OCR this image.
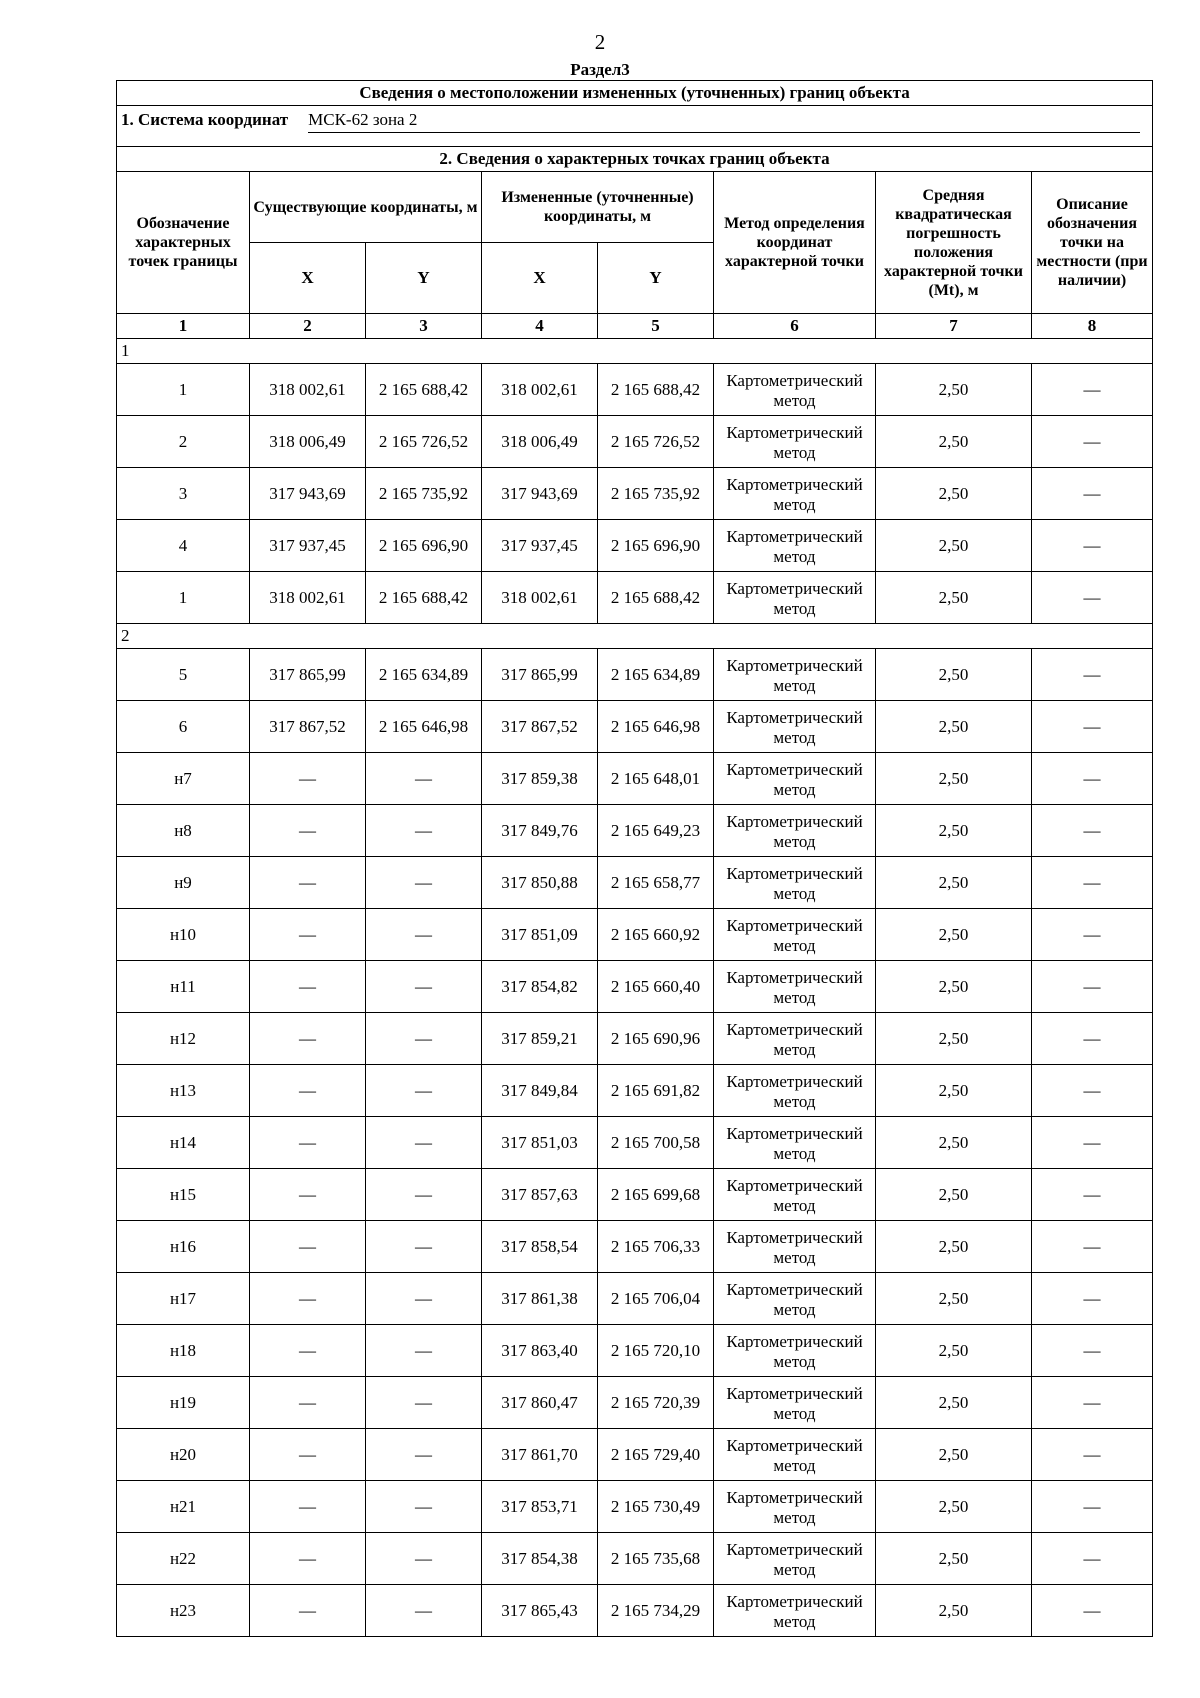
2
Раздел3
Сведения о местоположении измененных (уточненных) границ объекта							

1. Система координат МСК-62 зона 2							

2. Сведения о характерных точках границ объекта							
Обозначение характерных точек границы	Существующие координаты, м		Измененные (уточненные) координаты, м		Метод определения координат характерной точки	Средняя квадратическая погрешность положения характерной точки (Mt), м	Описание обозначения точки на местности (при наличии)
	X	Y	X	Y			
1	2	3	4	5	6	7	8
1							
1	318 002,61	2 165 688,42	318 002,61	2 165 688,42	Картометрический метод	2,50	—
2	318 006,49	2 165 726,52	318 006,49	2 165 726,52	Картометрический метод	2,50	—
3	317 943,69	2 165 735,92	317 943,69	2 165 735,92	Картометрический метод	2,50	—
4	317 937,45	2 165 696,90	317 937,45	2 165 696,90	Картометрический метод	2,50	—
1	318 002,61	2 165 688,42	318 002,61	2 165 688,42	Картометрический метод	2,50	—
2							
5	317 865,99	2 165 634,89	317 865,99	2 165 634,89	Картометрический метод	2,50	—
6	317 867,52	2 165 646,98	317 867,52	2 165 646,98	Картометрический метод	2,50	—
н7	—	—	317 859,38	2 165 648,01	Картометрический метод	2,50	—
н8	—	—	317 849,76	2 165 649,23	Картометрический метод	2,50	—
н9	—	—	317 850,88	2 165 658,77	Картометрический метод	2,50	—
н10	—	—	317 851,09	2 165 660,92	Картометрический метод	2,50	—
н11	—	—	317 854,82	2 165 660,40	Картометрический метод	2,50	—
н12	—	—	317 859,21	2 165 690,96	Картометрический метод	2,50	—
н13	—	—	317 849,84	2 165 691,82	Картометрический метод	2,50	—
н14	—	—	317 851,03	2 165 700,58	Картометрический метод	2,50	—
н15	—	—	317 857,63	2 165 699,68	Картометрический метод	2,50	—
н16	—	—	317 858,54	2 165 706,33	Картометрический метод	2,50	—
н17	—	—	317 861,38	2 165 706,04	Картометрический метод	2,50	—
н18	—	—	317 863,40	2 165 720,10	Картометрический метод	2,50	—
н19	—	—	317 860,47	2 165 720,39	Картометрический метод	2,50	—
н20	—	—	317 861,70	2 165 729,40	Картометрический метод	2,50	—
н21	—	—	317 853,71	2 165 730,49	Картометрический метод	2,50	—
н22	—	—	317 854,38	2 165 735,68	Картометрический метод	2,50	—
н23	—	—	317 865,43	2 165 734,29	Картометрический метод	2,50	—
